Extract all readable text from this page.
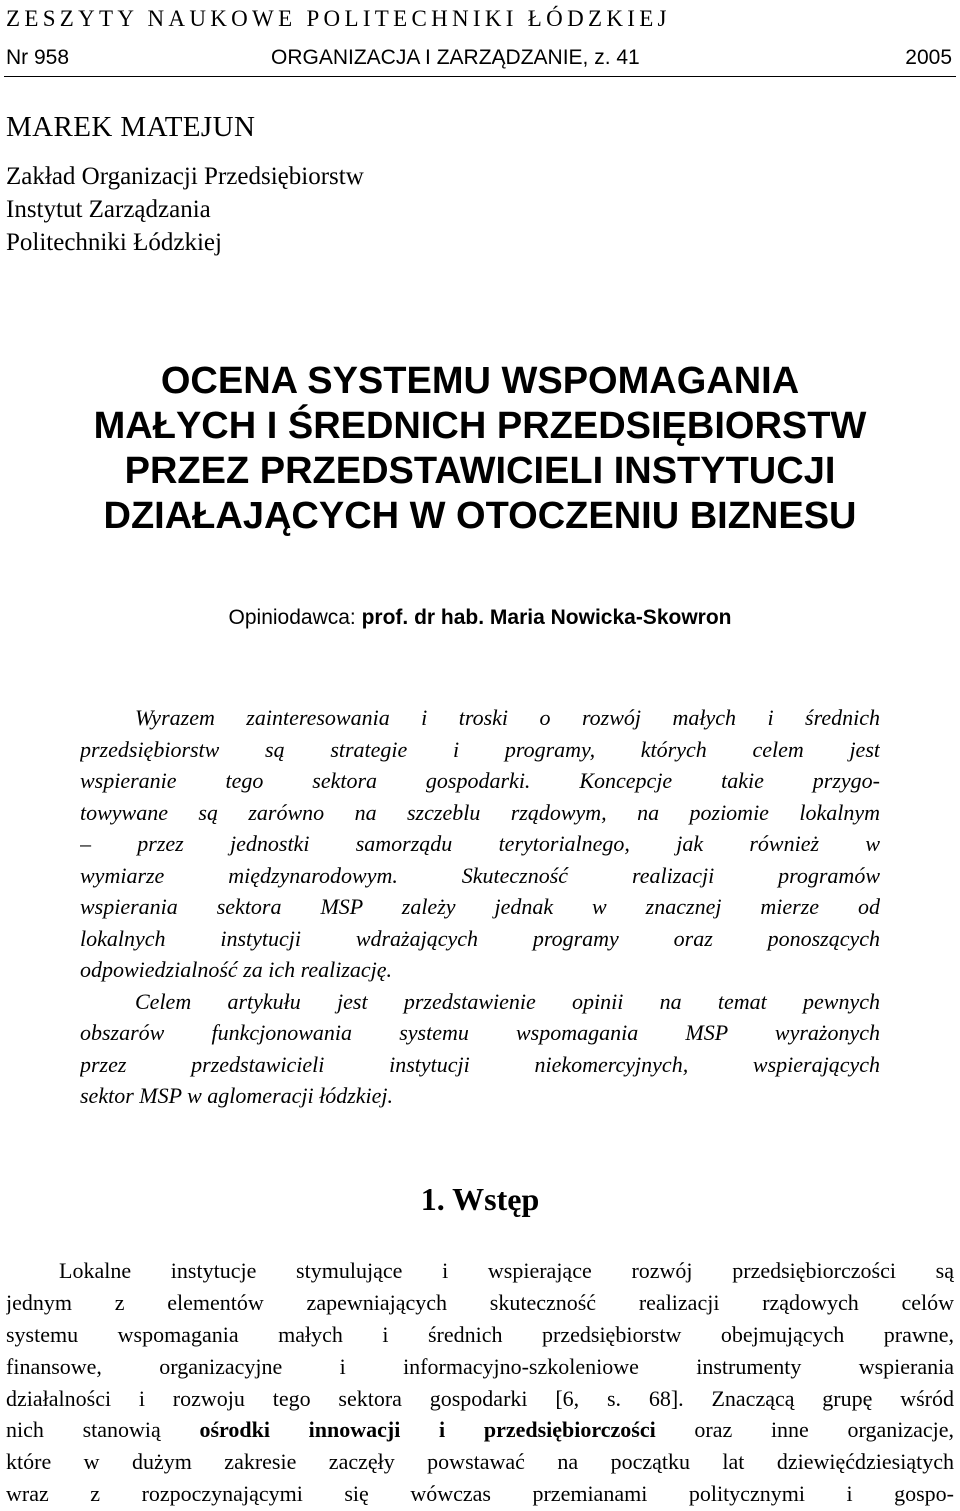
ZESZYTY NAUKOWE POLITECHNIKI ŁÓDZKIEJ
Nr 958	ORGANIZACJA I ZARZĄDZANIE, z. 41	2005
MAREK MATEJUN
Zakład Organizacji Przedsiębiorstw
Instytut Zarządzania
Politechniki Łódzkiej
OCENA SYSTEMU WSPOMAGANIA
MAŁYCH I ŚREDNICH PRZEDSIĘBIORSTW
PRZEZ PRZEDSTAWICIELI INSTYTUCJI
DZIAŁAJĄCYCH W OTOCZENIU BIZNESU
Opiniodawca: prof. dr hab. Maria Nowicka-Skowron
Wyrazem zainteresowania i troski o rozwój małych i średnich
przedsiębiorstw są strategie i programy, których celem jest
wspieranie tego sektora gospodarki. Koncepcje takie przygo-
towywane są zarówno na szczeblu rządowym, na poziomie lokalnym
– przez jednostki samorządu terytorialnego, jak również w
wymiarze międzynarodowym. Skuteczność realizacji programów
wspierania sektora MSP zależy jednak w znacznej mierze od
lokalnych instytucji wdrażających programy oraz ponoszących
odpowiedzialność za ich realizację.
Celem artykułu jest przedstawienie opinii na temat pewnych
obszarów funkcjonowania systemu wspomagania MSP wyrażonych
przez przedstawicieli instytucji niekomercyjnych, wspierających
sektor MSP w aglomeracji łódzkiej.
1. Wstęp
Lokalne instytucje stymulujące i wspierające rozwój przedsiębiorczości są
jednym z elementów zapewniających skuteczność realizacji rządowych celów
systemu wspomagania małych i średnich przedsiębiorstw obejmujących prawne,
finansowe, organizacyjne i informacyjno-szkoleniowe instrumenty wspierania
działalności i rozwoju tego sektora gospodarki [6, s. 68]. Znaczącą grupę wśród
nich stanowią ośrodki innowacji i przedsiębiorczości oraz inne organizacje,
które w dużym zakresie zaczęły powstawać na początku lat dziewięćdziesiątych
wraz z rozpoczynającymi się wówczas przemianami politycznymi i gospo-
